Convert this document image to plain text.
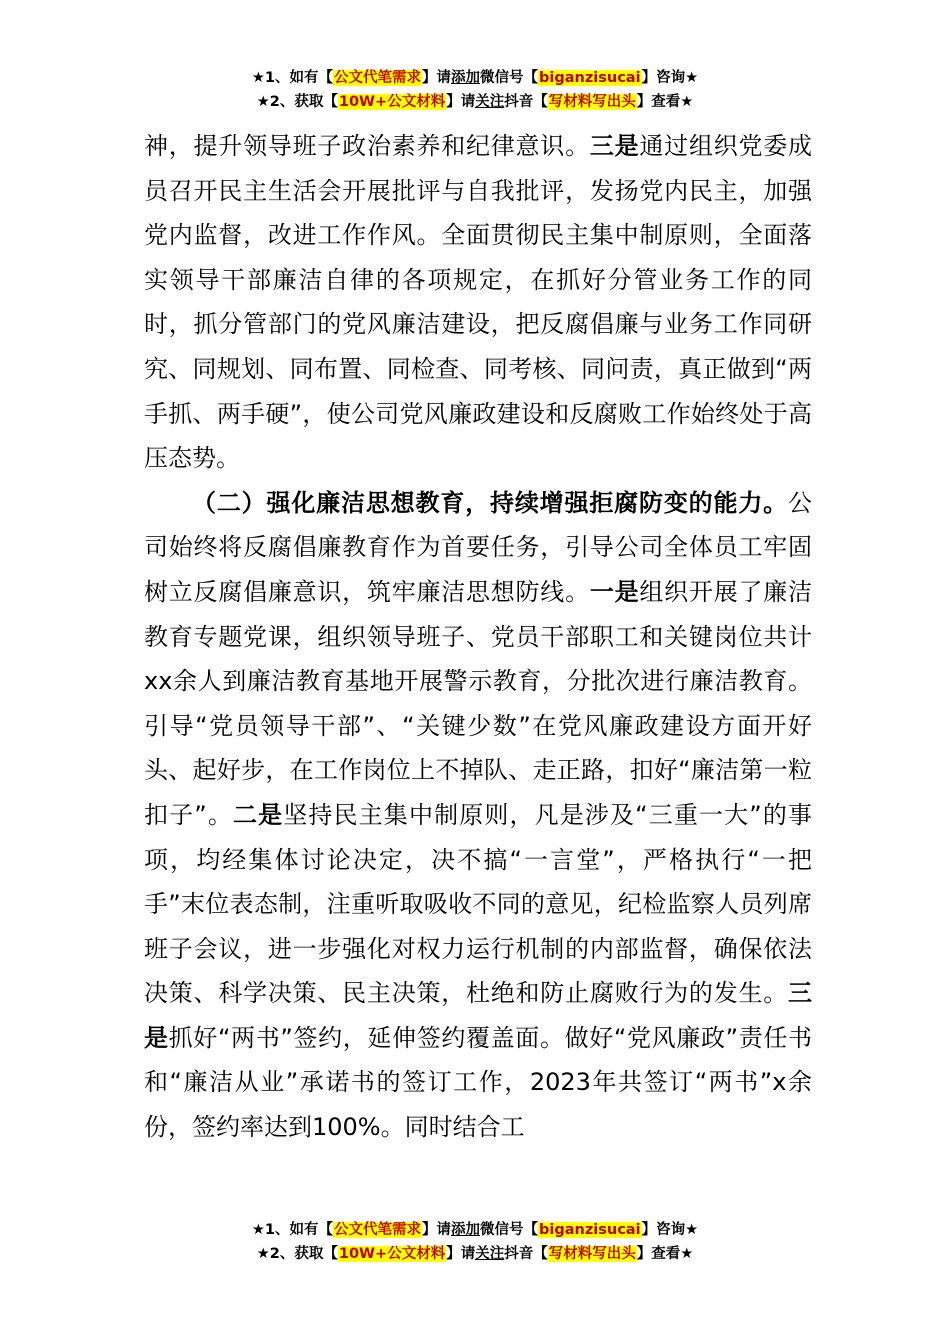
★1、如有【公文代笔需求】请添加微信号【biganzisucai】咨询★
★2、获取【10W+公文材料】请关注抖音【写材料写出头】查看★

神，提升领导班子政治素养和纪律意识。三是通过组织党委成员召开民主生活会开展批评与自我批评，发扬党内民主，加强党内监督，改进工作作风。全面贯彻民主集中制原则，全面落实领导干部廉洁自律的各项规定，在抓好分管业务工作的同时，抓分管部门的党风廉洁建设，把反腐倡廉与业务工作同研究、同规划、同布置、同检查、同考核、同问责，真正做到“两手抓、两手硬”，使公司党风廉政建设和反腐败工作始终处于高压态势。

（二）强化廉洁思想教育，持续增强拒腐防变的能力。公司始终将反腐倡廉教育作为首要任务，引导公司全体员工牢固树立反腐倡廉意识，筑牢廉洁思想防线。一是组织开展了廉洁教育专题党课，组织领导班子、党员干部职工和关键岗位共计xx余人到廉洁教育基地开展警示教育，分批次进行廉洁教育。引导“党员领导干部”、“关键少数”在党风廉政建设方面开好头、起好步，在工作岗位上不掉队、走正路，扣好“廉洁第一粒扣子”。二是坚持民主集中制原则，凡是涉及“三重一大”的事项，均经集体讨论决定，决不搞“一言堂”，严格执行“一把手”末位表态制，注重听取吸收不同的意见，纪检监察人员列席班子会议，进一步强化对权力运行机制的内部监督，确保依法决策、科学决策、民主决策，杜绝和防止腐败行为的发生。三是抓好“两书”签约，延伸签约覆盖面。做好“党风廉政”责任书和“廉洁从业”承诺书的签订工作，2023年共签订“两书”x余份，签约率达到100%。同时结合工

★1、如有【公文代笔需求】请添加微信号【biganzisucai】咨询★
★2、获取【10W+公文材料】请关注抖音【写材料写出头】查看★
